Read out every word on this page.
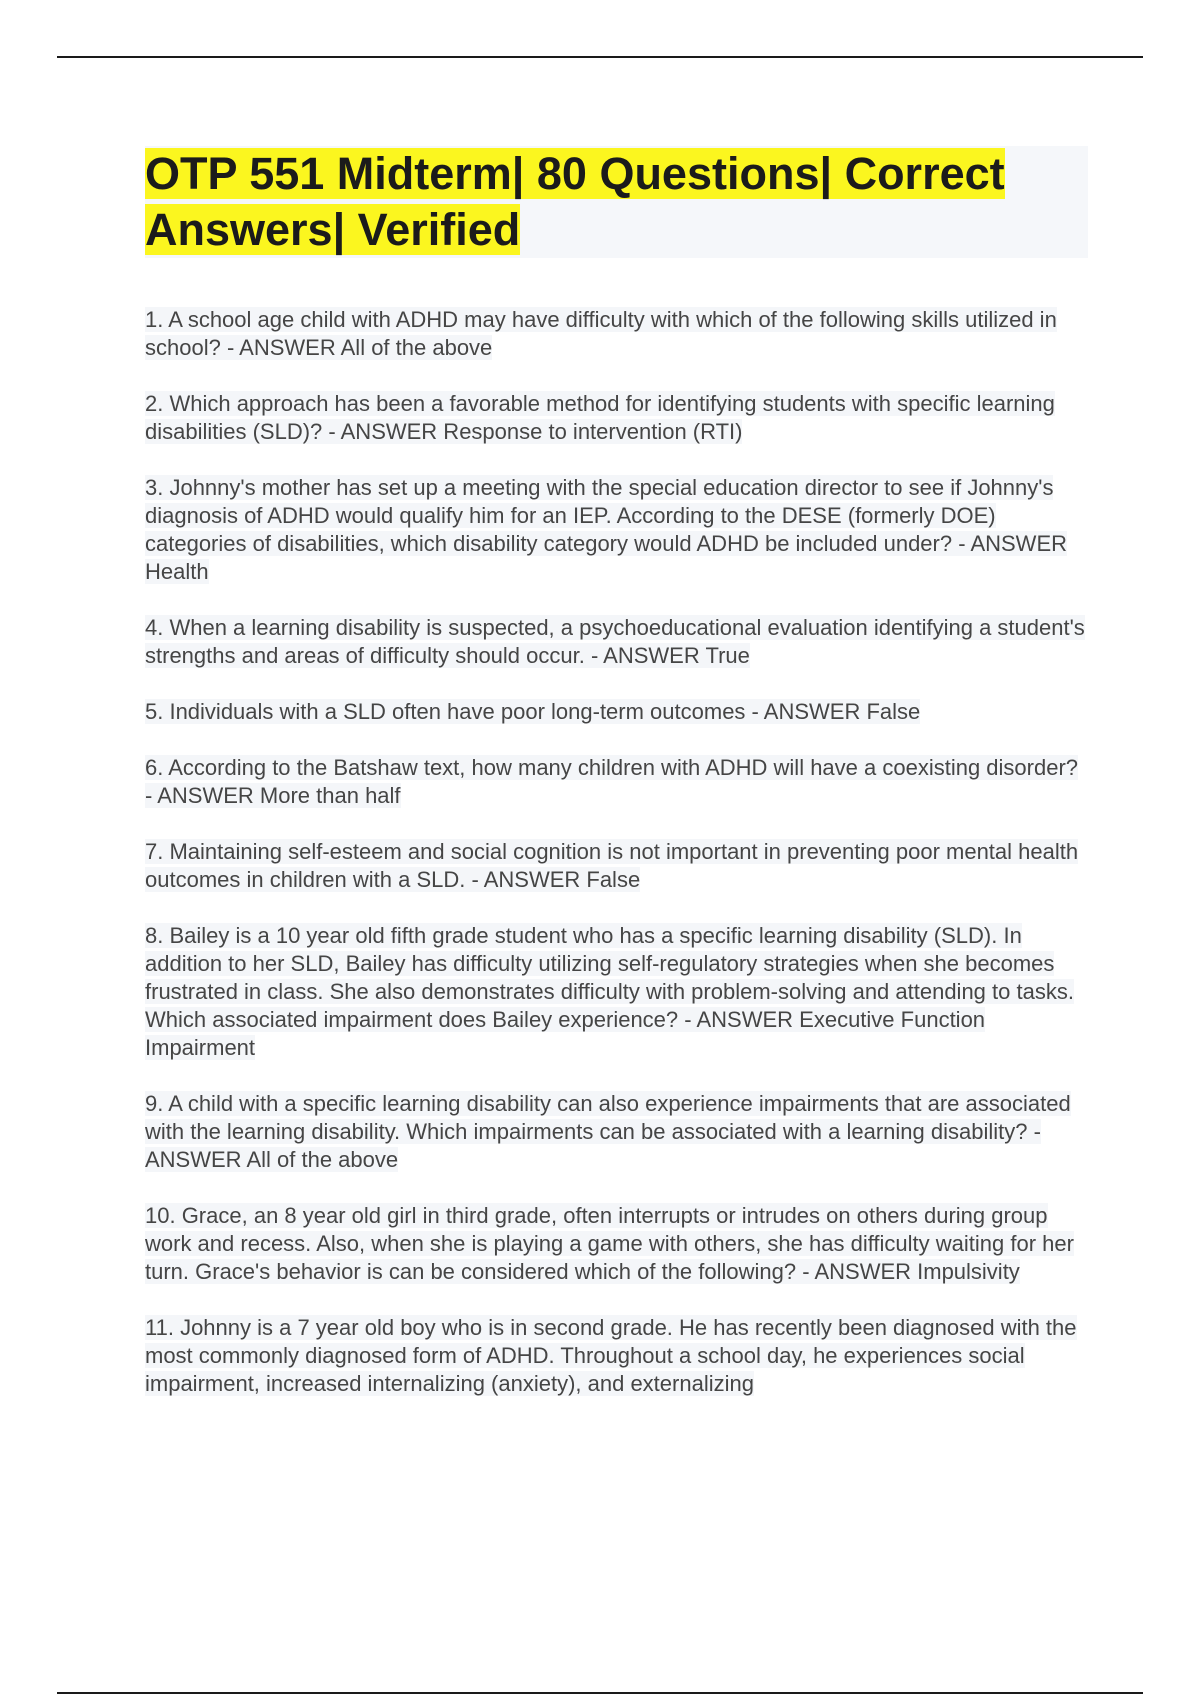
OTP 551 Midterm| 80 Questions| Correct Answers| Verified

1. A school age child with ADHD may have difficulty with which of the following skills utilized in school? - ANSWER All of the above

2. Which approach has been a favorable method for identifying students with specific learning disabilities (SLD)? - ANSWER Response to intervention (RTI)

3. Johnny's mother has set up a meeting with the special education director to see if Johnny's diagnosis of ADHD would qualify him for an IEP. According to the DESE (formerly DOE) categories of disabilities, which disability category would ADHD be included under? - ANSWER Health

4. When a learning disability is suspected, a psychoeducational evaluation identifying a student's strengths and areas of difficulty should occur. - ANSWER True

5. Individuals with a SLD often have poor long-term outcomes - ANSWER False

6. According to the Batshaw text, how many children with ADHD will have a coexisting disorder? - ANSWER More than half

7. Maintaining self-esteem and social cognition is not important in preventing poor mental health outcomes in children with a SLD. - ANSWER False

8. Bailey is a 10 year old fifth grade student who has a specific learning disability (SLD). In addition to her SLD, Bailey has difficulty utilizing self-regulatory strategies when she becomes frustrated in class. She also demonstrates difficulty with problem-solving and attending to tasks. Which associated impairment does Bailey experience? - ANSWER Executive Function Impairment

9. A child with a specific learning disability can also experience impairments that are associated with the learning disability. Which impairments can be associated with a learning disability? - ANSWER All of the above

10. Grace, an 8 year old girl in third grade, often interrupts or intrudes on others during group work and recess. Also, when she is playing a game with others, she has difficulty waiting for her turn. Grace's behavior is can be considered which of the following? - ANSWER Impulsivity

11. Johnny is a 7 year old boy who is in second grade. He has recently been diagnosed with the most commonly diagnosed form of ADHD. Throughout a school day, he experiences social impairment, increased internalizing (anxiety), and externalizing
